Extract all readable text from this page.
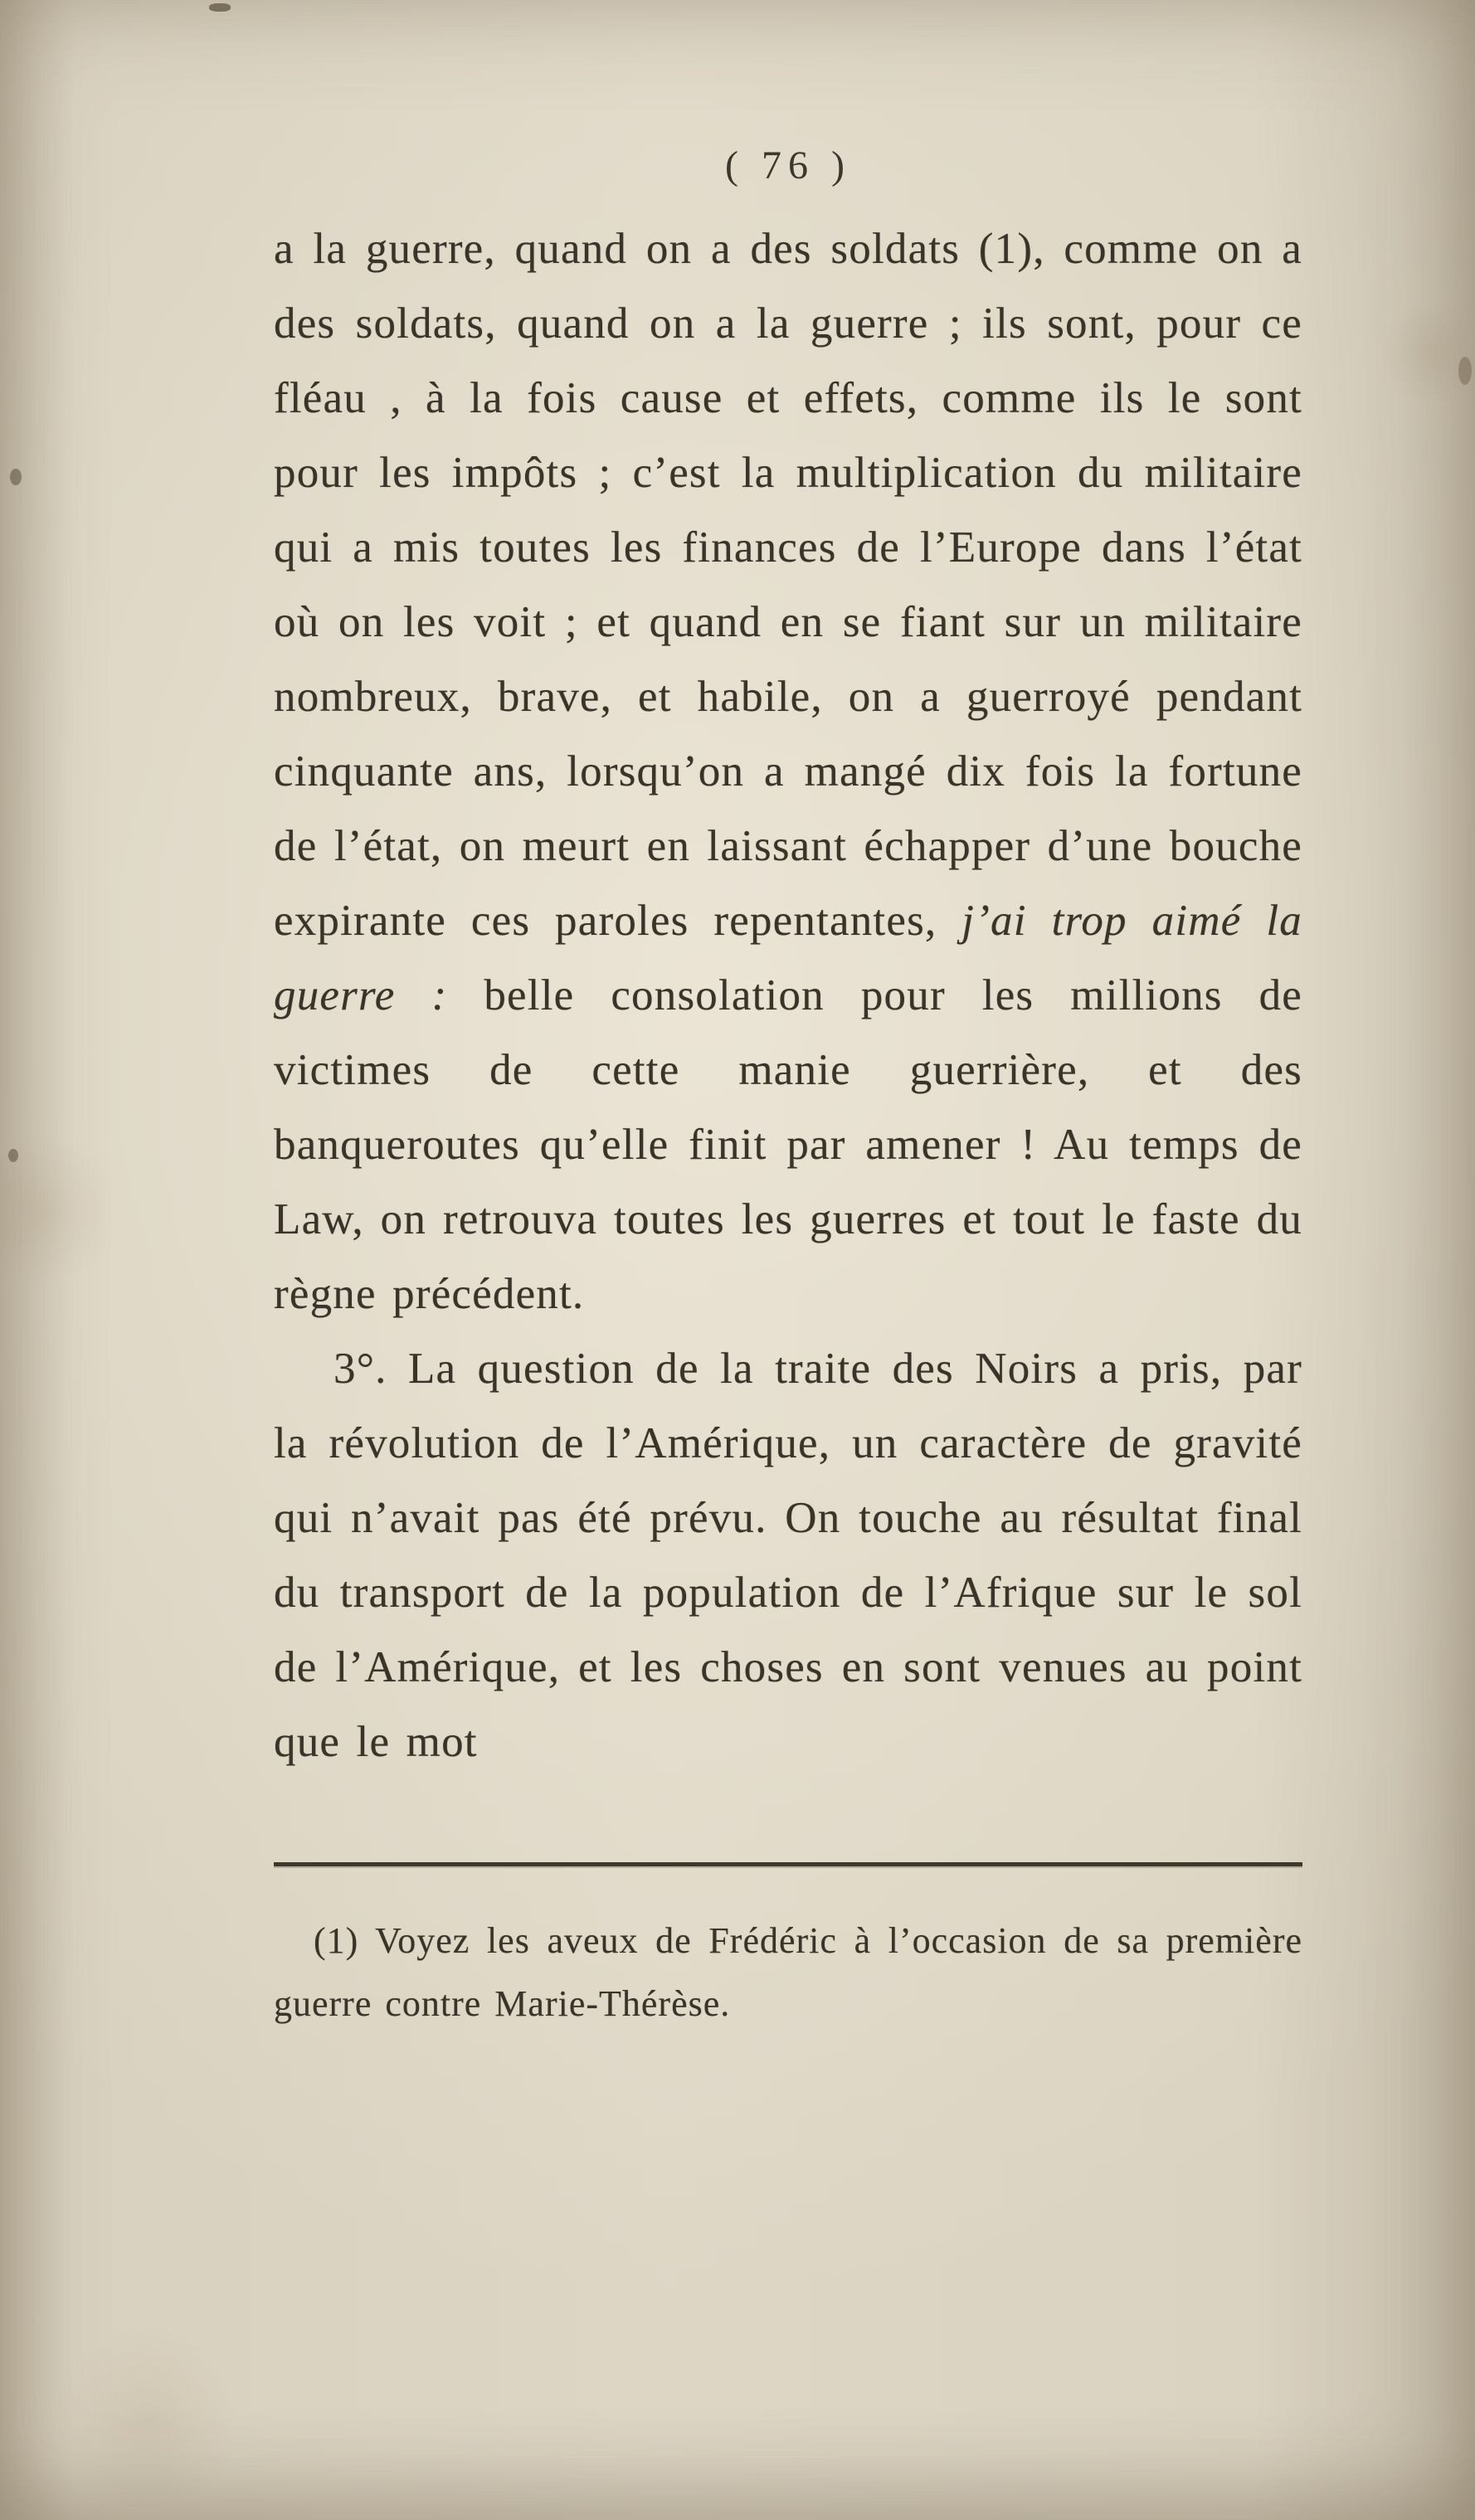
( 76 )

a la guerre, quand on a des soldats (1), comme on a des soldats, quand on a la guerre ; ils sont, pour ce fléau , à la fois cause et effets, comme ils le sont pour les impôts ; c’est la multiplication du militaire qui a mis toutes les finances de l’Europe dans l’état où on les voit ; et quand en se fiant sur un militaire nombreux, brave, et habile, on a guerroyé pendant cinquante ans, lorsqu’on a mangé dix fois la fortune de l’état, on meurt en laissant échapper d’une bouche expirante ces paroles repentantes, j’ai trop aimé la guerre : belle consolation pour les millions de victimes de cette manie guerrière, et des banqueroutes qu’elle finit par amener ! Au temps de Law, on retrouva toutes les guerres et tout le faste du règne précédent.

3°. La question de la traite des Noirs a pris, par la révolution de l’Amérique, un caractère de gravité qui n’avait pas été prévu. On touche au résultat final du transport de la population de l’Afrique sur le sol de l’Amérique, et les choses en sont venues au point que le mot

(1) Voyez les aveux de Frédéric à l’occasion de sa première guerre contre Marie-Thérèse.
